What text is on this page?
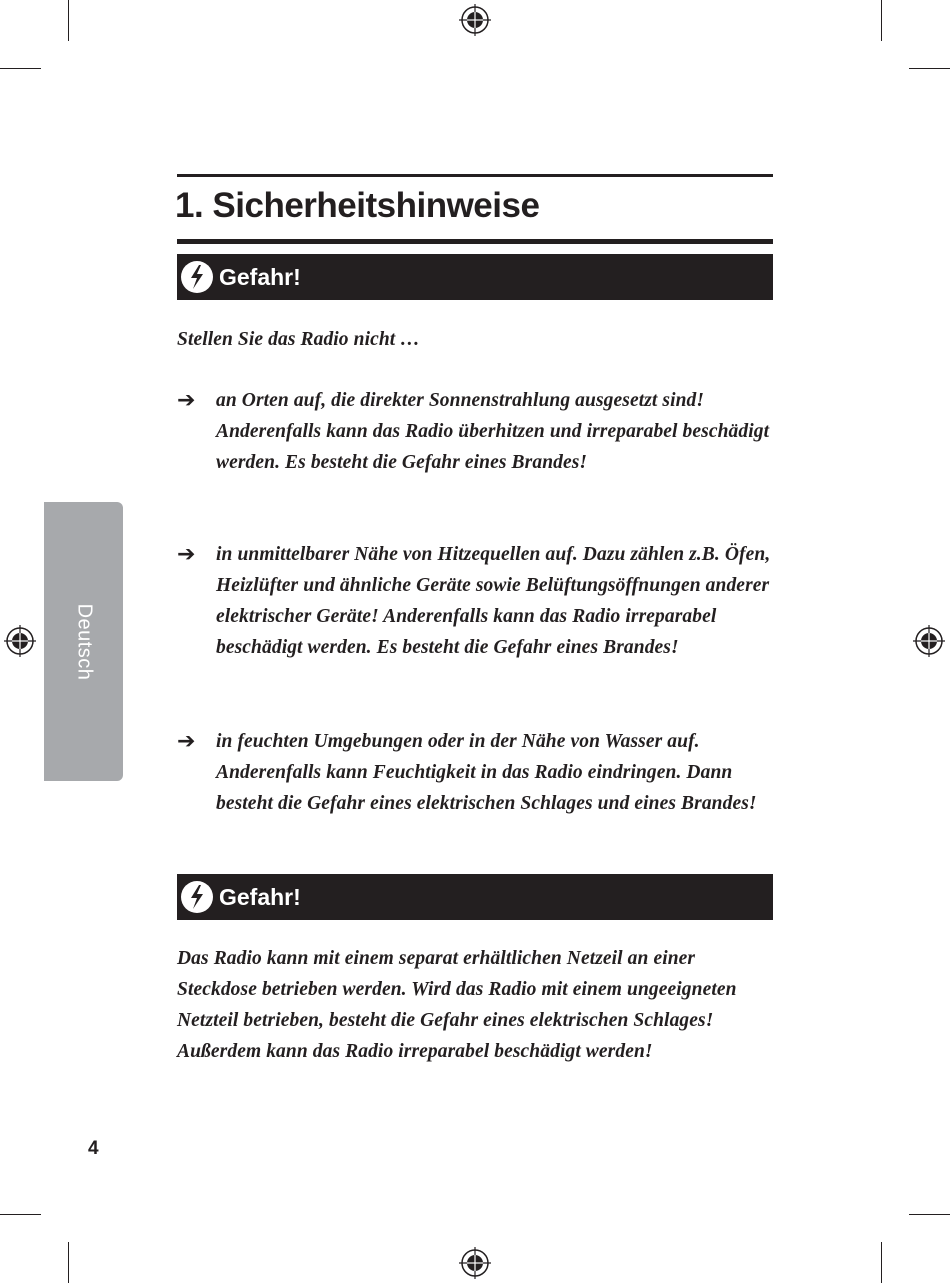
Deutsch
1. Sicherheitshinweise
Gefahr!
Stellen Sie das Radio nicht …
➔ an Orten auf, die direkter Sonnenstrahlung ausgesetzt sind! Anderenfalls kann das Radio überhitzen und irreparabel beschädigt werden. Es besteht die Gefahr eines Brandes!
➔ in unmittelbarer Nähe von Hitzequellen auf. Dazu zählen z.B. Öfen, Heizlüfter und ähnliche Geräte sowie Belüftungsöffnungen anderer elektrischer Geräte! Anderenfalls kann das Radio irreparabel beschädigt werden. Es besteht die Gefahr eines Brandes!
➔ in feuchten Umgebungen oder in der Nähe von Wasser auf. Anderenfalls kann Feuchtigkeit in das Radio eindringen. Dann besteht die Gefahr eines elektrischen Schlages und eines Brandes!
Gefahr!
Das Radio kann mit einem separat erhältlichen Netzeil an einer Steckdose betrieben werden. Wird das Radio mit einem ungeeigneten Netzteil betrieben, besteht die Gefahr eines elektrischen Schlages! Außerdem kann das Radio irreparabel beschädigt werden!
4
